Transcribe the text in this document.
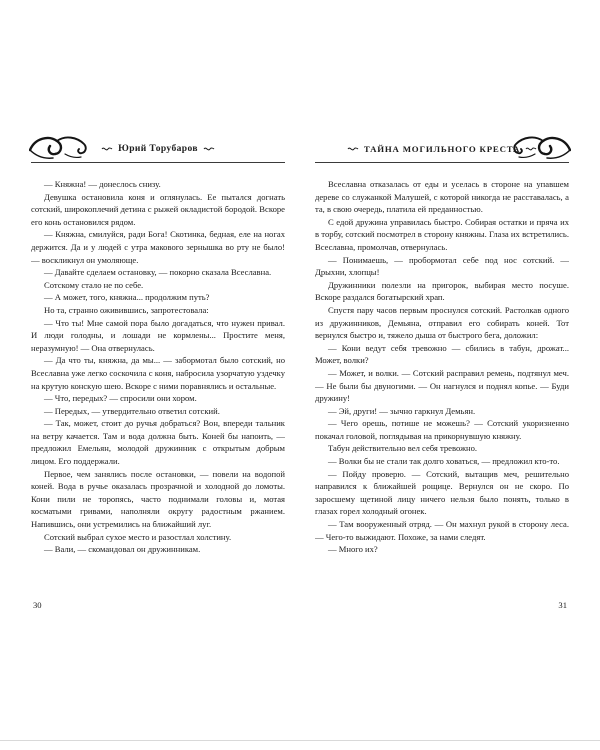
Юрий Торубаров

— Княжна! — донеслось снизу.

Девушка остановила коня и оглянулась. Ее пытался догнать сотский, широкоплечий детина с рыжей окладистой бородой. Вскоре его конь остановился рядом.

— Княжна, смилуйся, ради Бога! Скотинка, бедная, еле на ногах держится. Да и у людей с утра макового зернышка во рту не было! — воскликнул он умоляюще.

— Давайте сделаем остановку, — покорно сказала Всеславна.

Сотскому стало не по себе.

— А может, того, княжна... продолжим путь?

Но та, странно оживившись, запротестовала:

— Что ты! Мне самой пора было догадаться, что нужен привал. И люди голодны, и лошади не кормлены... Простите меня, неразумную! — Она отвернулась.

— Да что ты, княжна, да мы... — забормотал было сотский, но Всеславна уже легко соскочила с коня, набросила узорчатую уздечку на крутую конскую шею. Вскоре с ними поравнялись и остальные.

— Что, передых? — спросили они хором.

— Передых, — утвердительно ответил сотский.

— Так, может, стоит до ручья добраться? Вон, впереди тальник на ветру качается. Там и вода должна быть. Коней бы напоить, — предложил Емельян, молодой дружинник с открытым добрым лицом. Его поддержали.

Первое, чем занялись после остановки, — повели на водопой коней. Вода в ручье оказалась прозрачной и холодной до ломоты. Кони пили не торопясь, часто поднимали головы и, мотая косматыми гривами, наполняли округу радостным ржанием. Напившись, они устремились на ближайший луг.

Сотский выбрал сухое место и разостлал холстину.

— Вали, — скомандовал он дружинникам.

30
ТАЙНА МОГИЛЬНОГО КРЕСТА

Всеславна отказалась от еды и уселась в стороне на упавшем дереве со служанкой Малушей, с которой никогда не расставалась, а та, в свою очередь, платила ей преданностью.

С едой дружина управилась быстро. Собирая остатки и пряча их в торбу, сотский посмотрел в сторону княжны. Глаза их встретились. Всеславна, промолчав, отвернулась.

— Понимаешь, — пробормотал себе под нос сотский. — Дрыхни, хлопцы!

Дружинники полезли на пригорок, выбирая место посуше. Вскоре раздался богатырский храп.

Спустя пару часов первым проснулся сотский. Растолкав одного из дружинников, Демьяна, отправил его собирать коней. Тот вернулся быстро и, тяжело дыша от быстрого бега, доложил:

— Кони ведут себя тревожно — сбились в табун, дрожат... Может, волки?

— Может, и волки. — Сотский расправил ремень, подтянул меч. — Не были бы двуногими. — Он нагнулся и поднял копье. — Буди дружину!

— Эй, други! — зычно гаркнул Демьян.

— Чего орешь, потише не можешь? — Сотский укоризненно покачал головой, поглядывая на прикорнувшую княжну.

Табун действительно вел себя тревожно.

— Волки бы не стали так долго ховаться, — предложил кто-то.

— Пойду проверю. — Сотский, вытащив меч, решительно направился к ближайшей рощице. Вернулся он не скоро. По заросшему щетиной лицу ничего нельзя было понять, только в глазах горел холодный огонек.

— Там вооруженный отряд. — Он махнул рукой в сторону леса. — Чего-то выжидают. Похоже, за нами следят.

— Много их?

31
